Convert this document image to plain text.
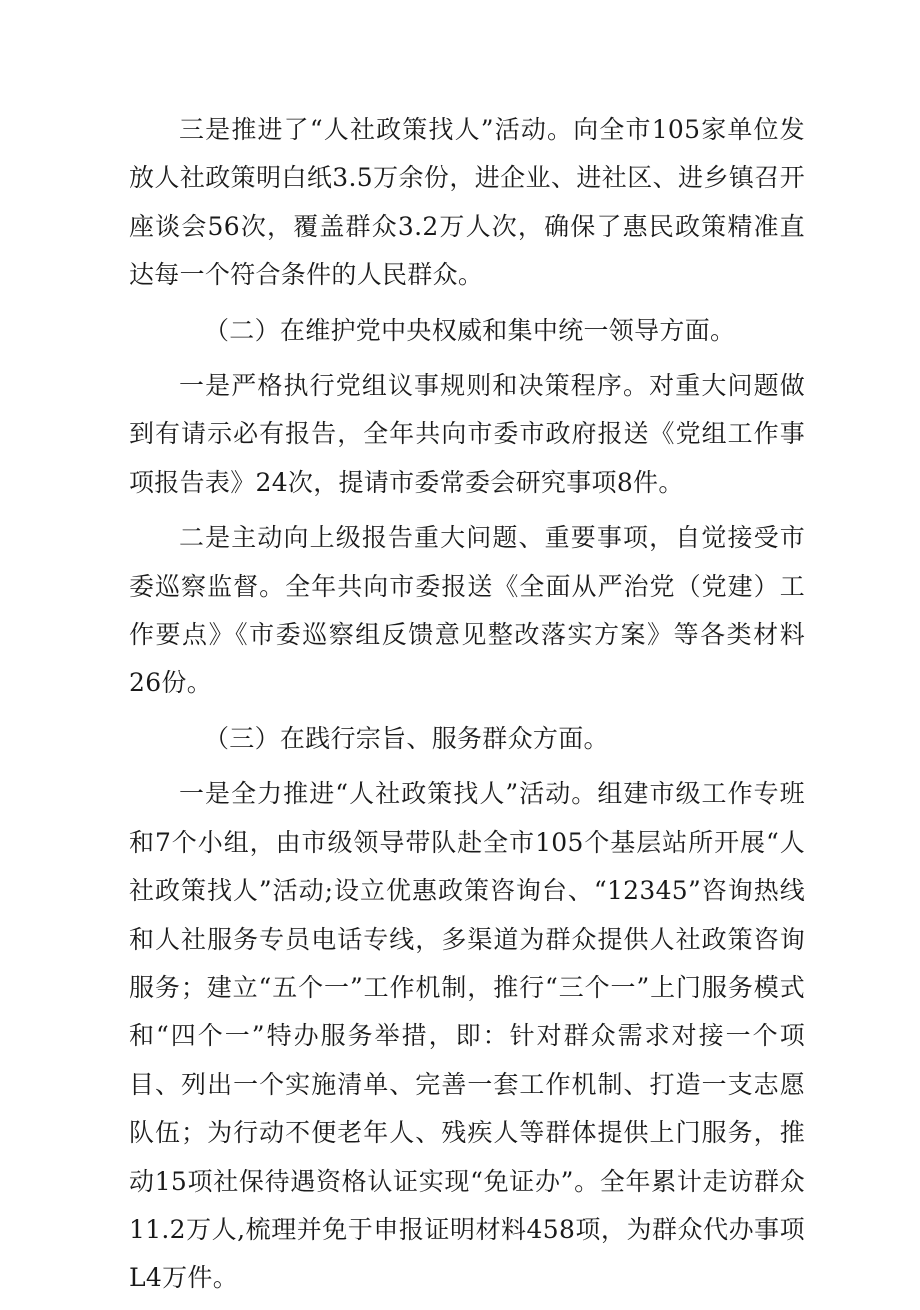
三是推进了“人社政策找人”活动。向全市105家单位发放人社政策明白纸3.5万余份，进企业、进社区、进乡镇召开座谈会56次，覆盖群众3.2万人次，确保了惠民政策精准直达每一个符合条件的人民群众。

（二）在维护党中央权威和集中统一领导方面。

一是严格执行党组议事规则和决策程序。对重大问题做到有请示必有报告，全年共向市委市政府报送《党组工作事项报告表》24次，提请市委常委会研究事项8件。

二是主动向上级报告重大问题、重要事项，自觉接受市委巡察监督。全年共向市委报送《全面从严治党（党建）工作要点》《市委巡察组反馈意见整改落实方案》等各类材料26份。

（三）在践行宗旨、服务群众方面。

一是全力推进“人社政策找人”活动。组建市级工作专班和7个小组，由市级领导带队赴全市105个基层站所开展“人社政策找人”活动;设立优惠政策咨询台、“12345”咨询热线和人社服务专员电话专线，多渠道为群众提供人社政策咨询服务；建立“五个一”工作机制，推行“三个一”上门服务模式和“四个一”特办服务举措，即：针对群众需求对接一个项目、列出一个实施清单、完善一套工作机制、打造一支志愿队伍；为行动不便老年人、残疾人等群体提供上门服务，推动15项社保待遇资格认证实现“免证办”。全年累计走访群众11.2万人,梳理并免于申报证明材料458项，为群众代办事项L4万件。
